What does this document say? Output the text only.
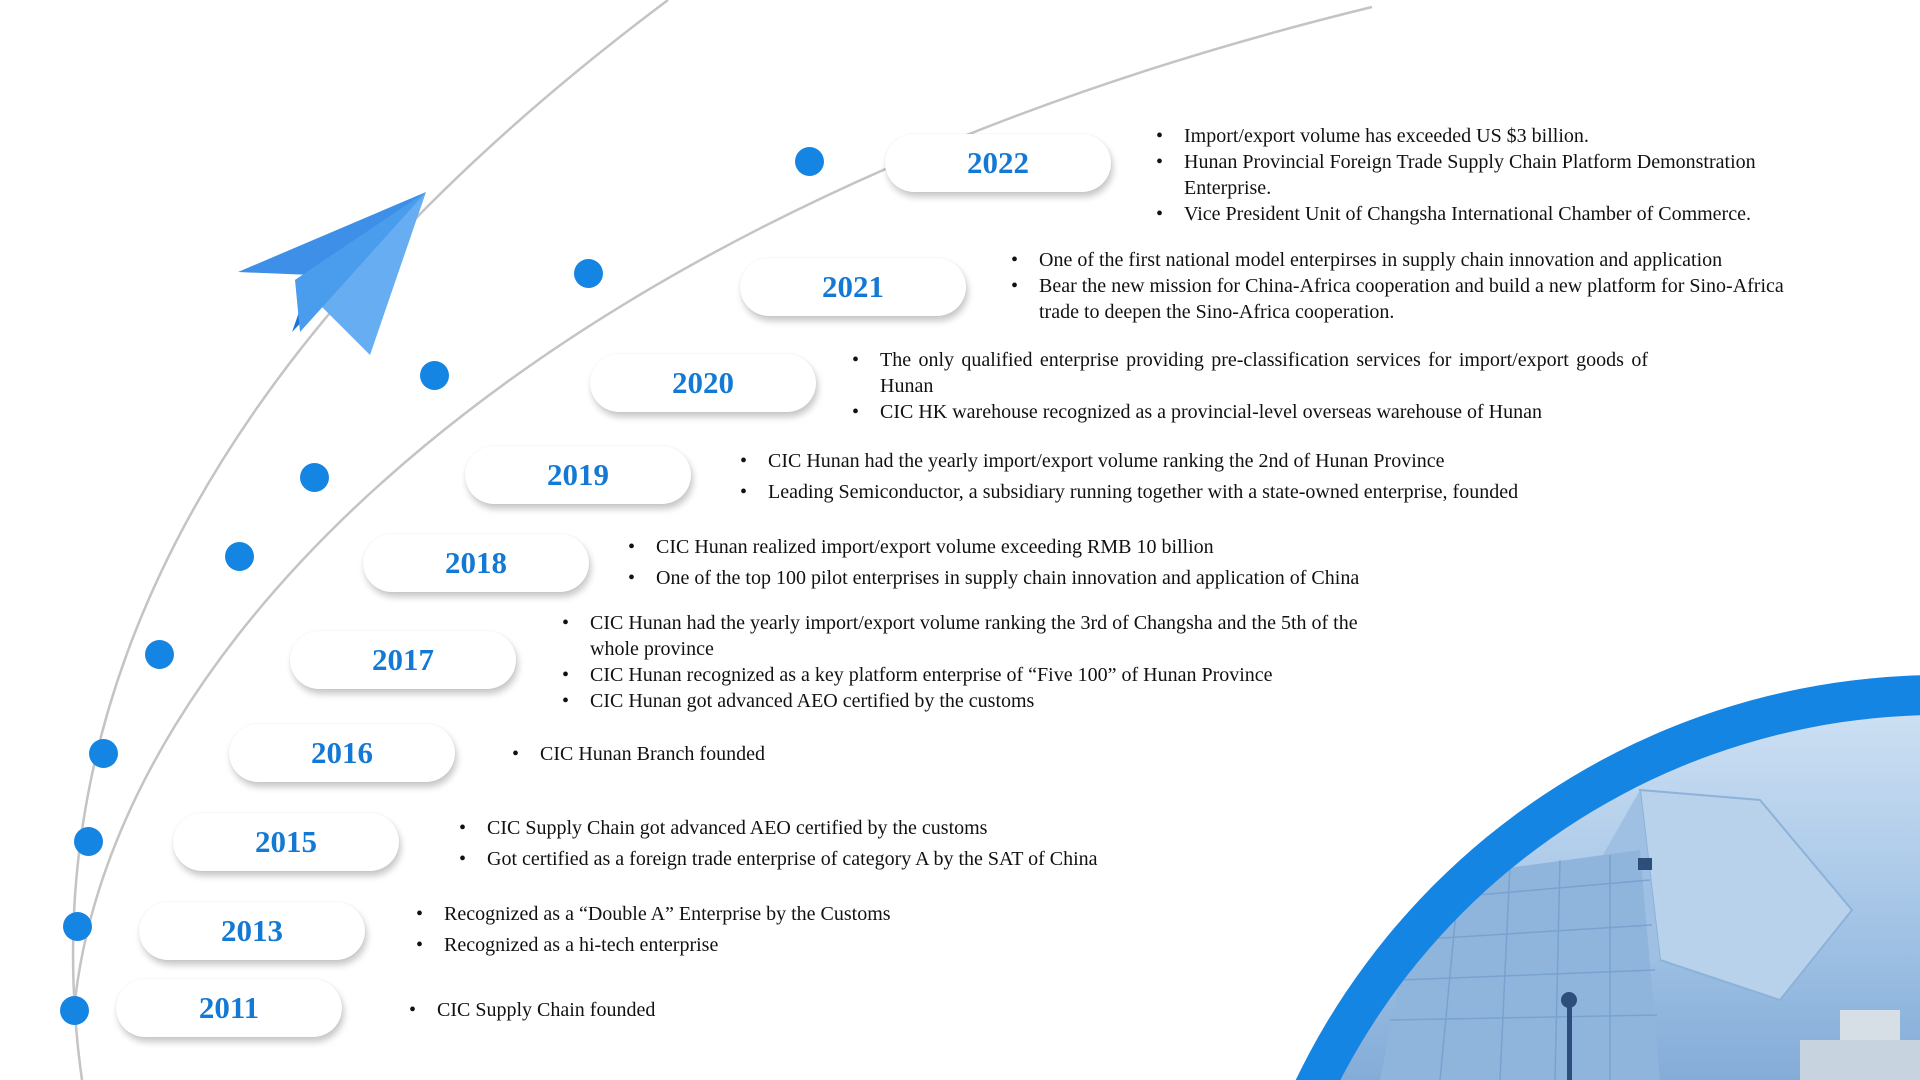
2022
2021
2020
2019
2018
2017
2016
2015
2013
2011
• Import/export volume has exceeded US $3 billion.
• Hunan Provincial Foreign Trade Supply Chain Platform Demonstration Enterprise.
• Vice President Unit of Changsha International Chamber of Commerce.
• One of the first national model enterpirses in supply chain innovation and application
• Bear the new mission for China-Africa cooperation and build a new platform for Sino-Africa trade to deepen the Sino-Africa cooperation.
• The only qualified enterprise providing pre-classification services for import/export goods of Hunan
• CIC HK warehouse recognized as a provincial-level overseas warehouse of Hunan
• CIC Hunan had the yearly import/export volume ranking the 2nd of Hunan Province
• Leading Semiconductor, a subsidiary running together with a state-owned enterprise, founded
• CIC Hunan realized import/export volume exceeding RMB 10 billion
• One of the top 100 pilot enterprises in supply chain innovation and application of China
• CIC Hunan had the yearly import/export volume ranking the 3rd of Changsha and the 5th of the whole province
• CIC Hunan recognized as a key platform enterprise of “Five 100” of Hunan Province
• CIC Hunan got advanced AEO certified by the customs
• CIC Hunan Branch founded
• CIC Supply Chain got advanced AEO certified by the customs
• Got certified as a foreign trade enterprise of category A by the SAT of China
• Recognized as a “Double A” Enterprise by the Customs
• Recognized as a hi-tech enterprise
• CIC Supply Chain founded
